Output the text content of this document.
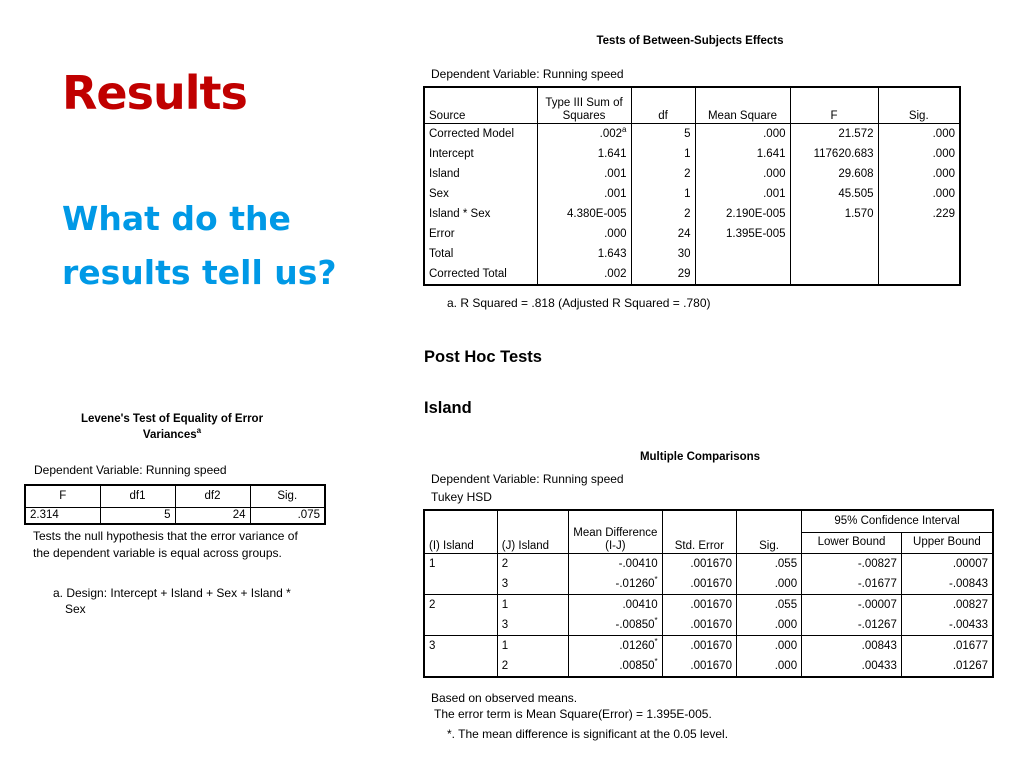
Results
What do the results tell us?
Tests of Between-Subjects Effects
Dependent Variable: Running speed
Source	Type III Sum of Squares	df	Mean Square	F	Sig.
Corrected Model	.002$^a$	5	.000	21.572	.000
Intercept	1.641	1	1.641	117620.683	.000
Island	.001	2	.000	29.608	.000
Sex	.001	1	.001	45.505	.000
Island * Sex	4.380E-005	2	2.190E-005	1.570	.229
Error	.000	24	1.395E-005		
Total	1.643	30			
Corrected Total	.002	29			
a. R Squared = .818 (Adjusted R Squared = .780)
Post Hoc Tests
Island
Levene's Test of Equality of Error Variances$^a$
Dependent Variable: Running speed
F	df1	df2	Sig.
2.314	5	24	.075
Tests the null hypothesis that the error variance of the dependent variable is equal across groups.
a. Design: Intercept + Island + Sex + Island * Sex
Multiple Comparisons
Dependent Variable: Running speed
Tukey HSD
(I) Island	(J) Island	Mean Difference (I-J)	Std. Error	Sig.	95% Confidence Interval	
					Lower Bound	Upper Bound
1	2	-.00410	.001670	.055	-.00827	.00007
	3	-.01260*	.001670	.000	-.01677	-.00843
2	1	.00410	.001670	.055	-.00007	.00827
	3	-.00850*	.001670	.000	-.01267	-.00433
3	1	.01260*	.001670	.000	.00843	.01677
	2	.00850*	.001670	.000	.00433	.01267
Based on observed means.
The error term is Mean Square(Error) = 1.395E-005.
*. The mean difference is significant at the 0.05 level.
